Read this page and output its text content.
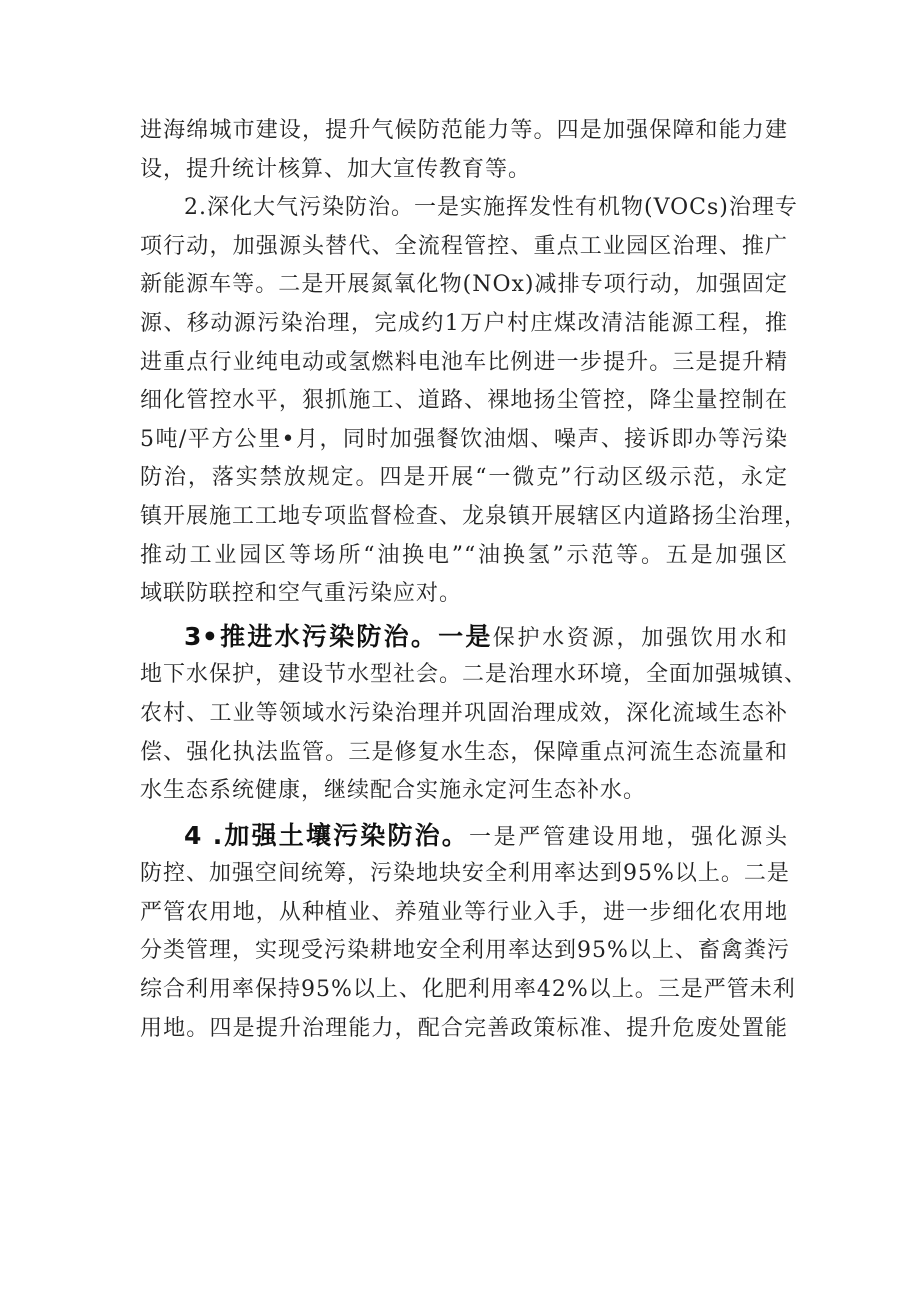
进海绵城市建设，提升气候防范能力等。四是加强保障和能力建
设，提升统计核算、加大宣传教育等。
2.深化大气污染防治。一是实施挥发性有机物(VOCs)治理专
项行动，加强源头替代、全流程管控、重点工业园区治理、推广
新能源车等。二是开展氮氧化物(NOx)减排专项行动，加强固定
源、移动源污染治理，完成约1万户村庄煤改清洁能源工程，推
进重点行业纯电动或氢燃料电池车比例进一步提升。三是提升精
细化管控水平，狠抓施工、道路、裸地扬尘管控，降尘量控制在
5吨/平方公里•月，同时加强餐饮油烟、噪声、接诉即办等污染
防治，落实禁放规定。四是开展“一微克”行动区级示范，永定
镇开展施工工地专项监督检查、龙泉镇开展辖区内道路扬尘治理，
推动工业园区等场所“油换电”“油换氢”示范等。五是加强区
域联防联控和空气重污染应对。
3•推进水污染防治。一是保护水资源，加强饮用水和
地下水保护，建设节水型社会。二是治理水环境，全面加强城镇、
农村、工业等领域水污染治理并巩固治理成效，深化流域生态补
偿、强化执法监管。三是修复水生态，保障重点河流生态流量和
水生态系统健康，继续配合实施永定河生态补水。
4 .加强土壤污染防治。一是严管建设用地，强化源头
防控、加强空间统筹，污染地块安全利用率达到95%以上。二是
严管农用地，从种植业、养殖业等行业入手，进一步细化农用地
分类管理，实现受污染耕地安全利用率达到95%以上、畜禽粪污
综合利用率保持95%以上、化肥利用率42%以上。三是严管未利
用地。四是提升治理能力，配合完善政策标准、提升危废处置能
